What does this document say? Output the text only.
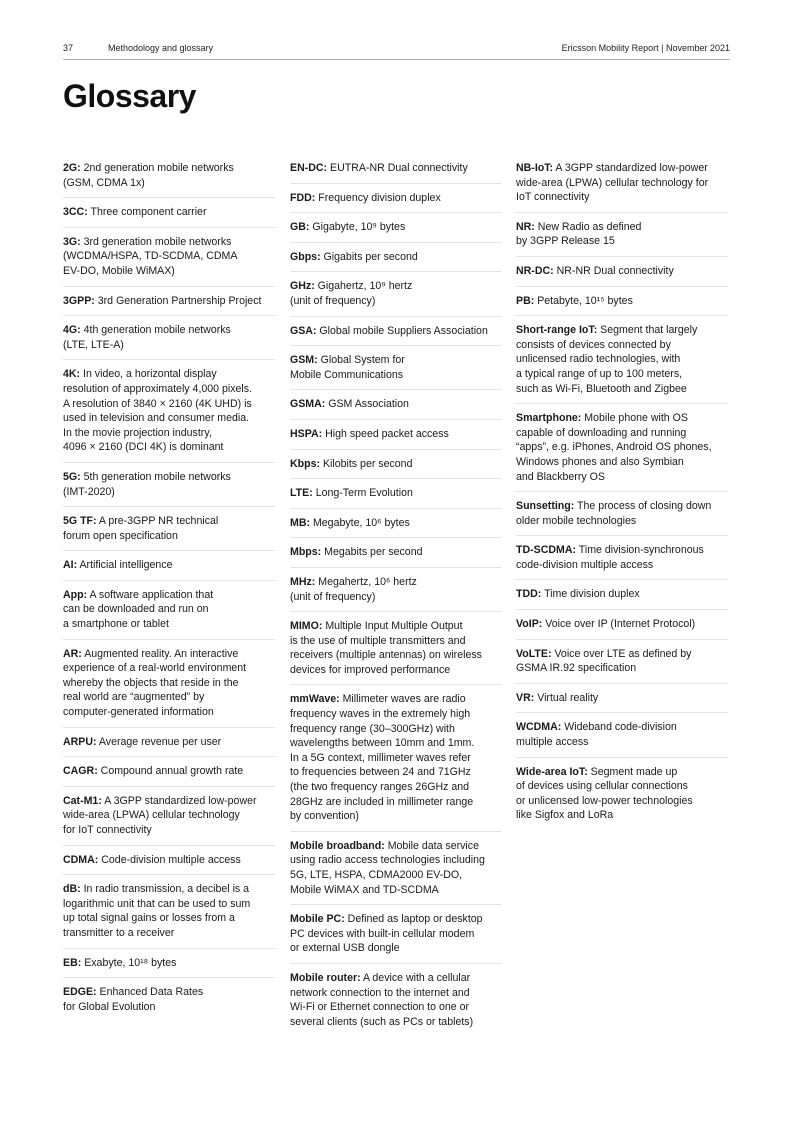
37	Methodology and glossary	Ericsson Mobility Report | November 2021
Glossary
2G: 2nd generation mobile networks
(GSM, CDMA 1x)
3CC: Three component carrier
3G: 3rd generation mobile networks
(WCDMA/HSPA, TD-SCDMA, CDMA
EV-DO, Mobile WiMAX)
3GPP: 3rd Generation Partnership Project
4G: 4th generation mobile networks
(LTE, LTE-A)
4K: In video, a horizontal display
resolution of approximately 4,000 pixels.
A resolution of 3840 × 2160 (4K UHD) is
used in television and consumer media.
In the movie projection industry,
4096 × 2160 (DCI 4K) is dominant
5G: 5th generation mobile networks
(IMT-2020)
5G TF: A pre-3GPP NR technical
forum open specification
AI: Artificial intelligence
App: A software application that
can be downloaded and run on
a smartphone or tablet
AR: Augmented reality. An interactive
experience of a real-world environment
whereby the objects that reside in the
real world are “augmented” by
computer-generated information
ARPU: Average revenue per user
CAGR: Compound annual growth rate
Cat-M1: A 3GPP standardized low-power
wide-area (LPWA) cellular technology
for IoT connectivity
CDMA: Code-division multiple access
dB: In radio transmission, a decibel is a
logarithmic unit that can be used to sum
up total signal gains or losses from a
transmitter to a receiver
EB: Exabyte, 10¹⁸ bytes
EDGE: Enhanced Data Rates
for Global Evolution
EN-DC: EUTRA-NR Dual connectivity
FDD: Frequency division duplex
GB: Gigabyte, 10⁹ bytes
Gbps: Gigabits per second
GHz: Gigahertz, 10⁹ hertz
(unit of frequency)
GSA: Global mobile Suppliers Association
GSM: Global System for
Mobile Communications
GSMA: GSM Association
HSPA: High speed packet access
Kbps: Kilobits per second
LTE: Long-Term Evolution
MB: Megabyte, 10⁶ bytes
Mbps: Megabits per second
MHz: Megahertz, 10⁶ hertz
(unit of frequency)
MIMO: Multiple Input Multiple Output
is the use of multiple transmitters and
receivers (multiple antennas) on wireless
devices for improved performance
mmWave: Millimeter waves are radio
frequency waves in the extremely high
frequency range (30–300GHz) with
wavelengths between 10mm and 1mm.
In a 5G context, millimeter waves refer
to frequencies between 24 and 71GHz
(the two frequency ranges 26GHz and
28GHz are included in millimeter range
by convention)
Mobile broadband: Mobile data service
using radio access technologies including
5G, LTE, HSPA, CDMA2000 EV-DO,
Mobile WiMAX and TD-SCDMA
Mobile PC: Defined as laptop or desktop
PC devices with built-in cellular modem
or external USB dongle
Mobile router: A device with a cellular
network connection to the internet and
Wi-Fi or Ethernet connection to one or
several clients (such as PCs or tablets)
NB-IoT: A 3GPP standardized low-power
wide-area (LPWA) cellular technology for
IoT connectivity
NR: New Radio as defined
by 3GPP Release 15
NR-DC: NR-NR Dual connectivity
PB: Petabyte, 10¹⁵ bytes
Short-range IoT: Segment that largely
consists of devices connected by
unlicensed radio technologies, with
a typical range of up to 100 meters,
such as Wi-Fi, Bluetooth and Zigbee
Smartphone: Mobile phone with OS
capable of downloading and running
“apps”, e.g. iPhones, Android OS phones,
Windows phones and also Symbian
and Blackberry OS
Sunsetting: The process of closing down
older mobile technologies
TD-SCDMA: Time division-synchronous
code-division multiple access
TDD: Time division duplex
VoIP: Voice over IP (Internet Protocol)
VoLTE: Voice over LTE as defined by
GSMA IR.92 specification
VR: Virtual reality
WCDMA: Wideband code-division
multiple access
Wide-area IoT: Segment made up
of devices using cellular connections
or unlicensed low-power technologies
like Sigfox and LoRa
